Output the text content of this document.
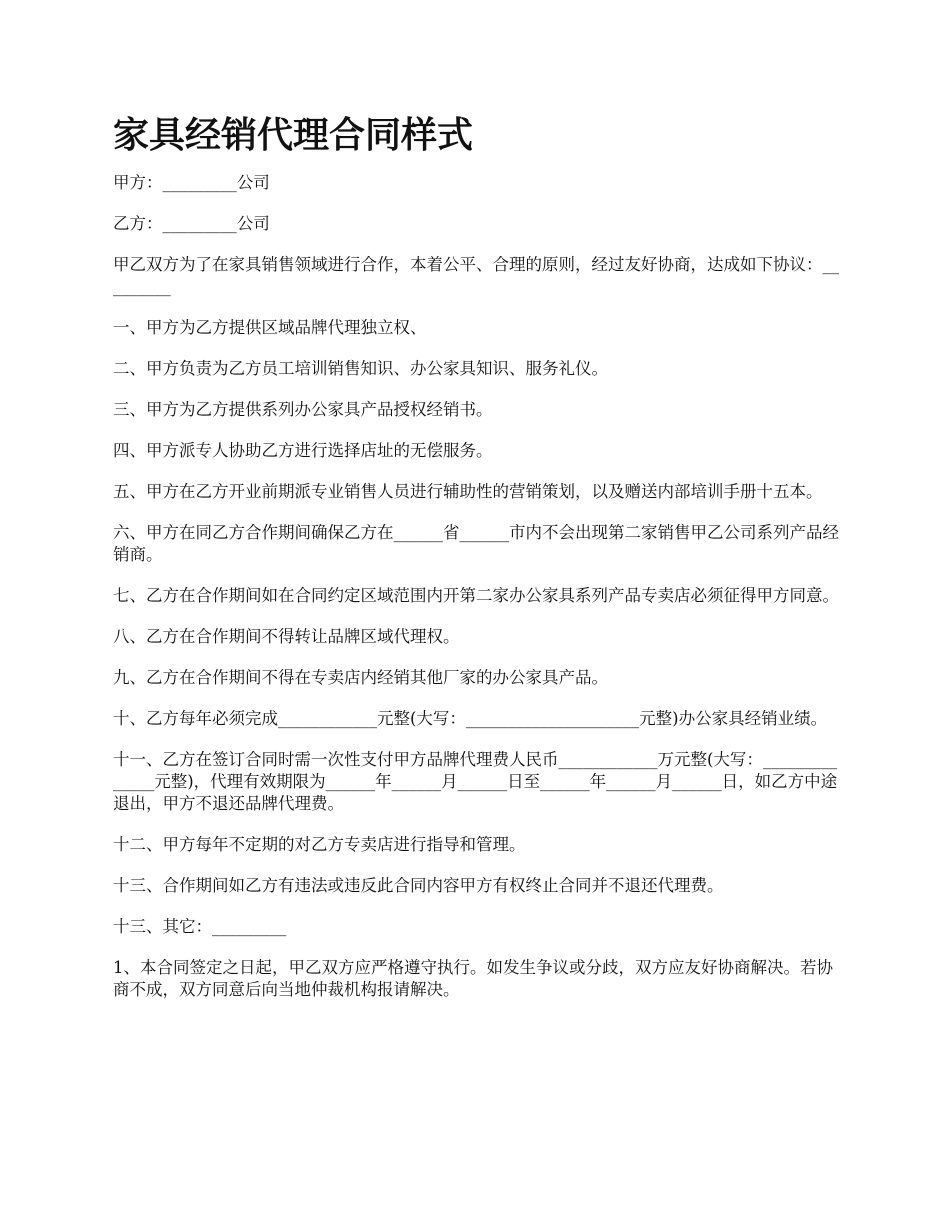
家具经销代理合同样式

甲方：_________公司

乙方：_________公司

甲乙双方为了在家具销售领域进行合作，本着公平、合理的原则，经过友好协商，达成如下协议：_________

一、甲方为乙方提供区域品牌代理独立权、

二、甲方负责为乙方员工培训销售知识、办公家具知识、服务礼仪。

三、甲方为乙方提供系列办公家具产品授权经销书。

四、甲方派专人协助乙方进行选择店址的无偿服务。

五、甲方在乙方开业前期派专业销售人员进行辅助性的营销策划，以及赠送内部培训手册十五本。

六、甲方在同乙方合作期间确保乙方在______省______市内不会出现第二家销售甲乙公司系列产品经销商。

七、乙方在合作期间如在合同约定区域范围内开第二家办公家具系列产品专卖店必须征得甲方同意。

八、乙方在合作期间不得转让品牌区域代理权。

九、乙方在合作期间不得在专卖店内经销其他厂家的办公家具产品。

十、乙方每年必须完成____________元整(大写：_____________________元整)办公家具经销业绩。

十一、乙方在签订合同时需一次性支付甲方品牌代理费人民币____________万元整(大写：______________元整)，代理有效期限为______年______月______日至______年______月______日，如乙方中途退出，甲方不退还品牌代理费。

十二、甲方每年不定期的对乙方专卖店进行指导和管理。

十三、合作期间如乙方有违法或违反此合同内容甲方有权终止合同并不退还代理费。

十三、其它：_________

1、本合同签定之日起，甲乙双方应严格遵守执行。如发生争议或分歧，双方应友好协商解决。若协商不成，双方同意后向当地仲裁机构报请解决。
